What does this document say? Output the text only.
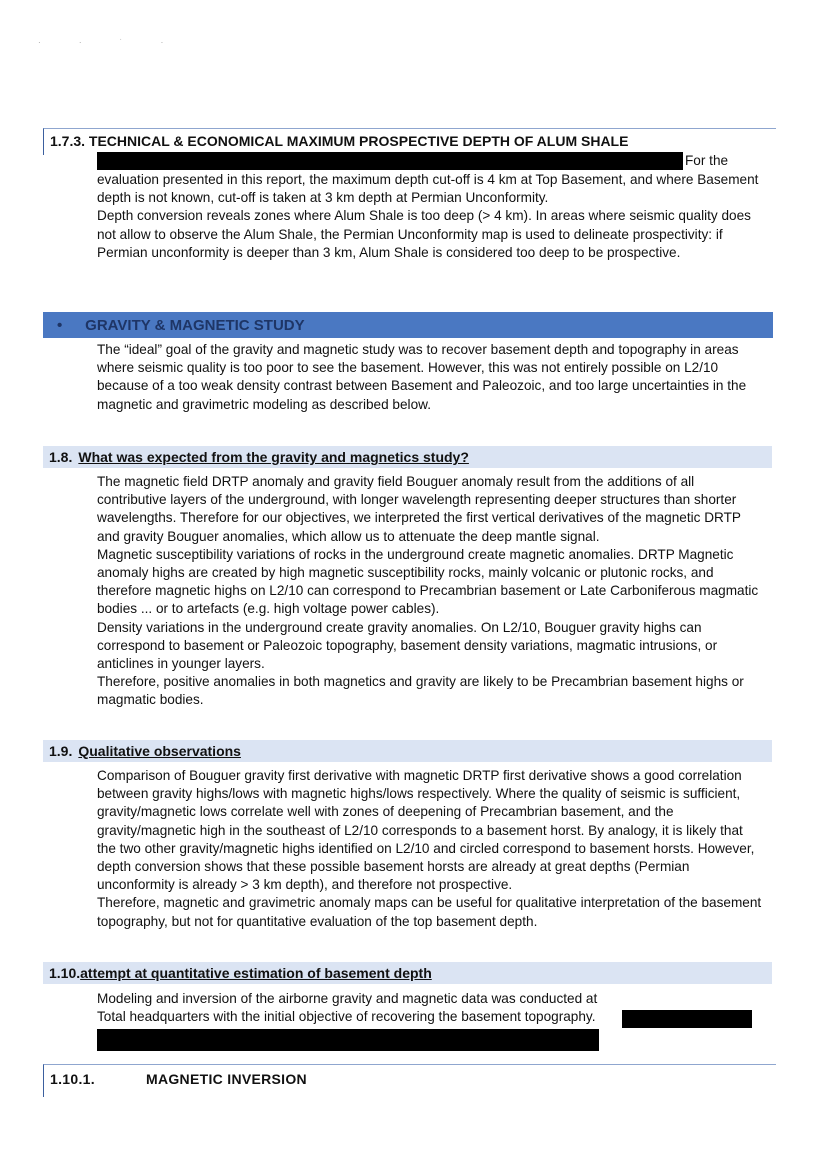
· · ˙ ·
1.7.3. TECHNICAL & ECONOMICAL MAXIMUM PROSPECTIVE DEPTH OF ALUM SHALE
For the

evaluation presented in this report, the maximum depth cut-off is 4 km at Top Basement, and where Basement depth is not known, cut-off is taken at 3 km depth at Permian Unconformity.

Depth conversion reveals zones where Alum Shale is too deep (> 4 km). In areas where seismic quality does not allow to observe the Alum Shale, the Permian Unconformity map is used to delineate prospectivity: if Permian unconformity is deeper than 3 km, Alum Shale is considered too deep to be prospective.

• GRAVITY & MAGNETIC STUDY

The “ideal” goal of the gravity and magnetic study was to recover basement depth and topography in areas where seismic quality is too poor to see the basement. However, this was not entirely possible on L2/10 because of a too weak density contrast between Basement and Paleozoic, and too large uncertainties in the magnetic and gravimetric modeling as described below.

1.8. What was expected from the gravity and magnetics study?

The magnetic field DRTP anomaly and gravity field Bouguer anomaly result from the additions of all contributive layers of the underground, with longer wavelength representing deeper structures than shorter wavelengths. Therefore for our objectives, we interpreted the first vertical derivatives of the magnetic DRTP and gravity Bouguer anomalies, which allow us to attenuate the deep mantle signal.

Magnetic susceptibility variations of rocks in the underground create magnetic anomalies. DRTP Magnetic anomaly highs are created by high magnetic susceptibility rocks, mainly volcanic or plutonic rocks, and therefore magnetic highs on L2/10 can correspond to Precambrian basement or Late Carboniferous magmatic bodies ... or to artefacts (e.g. high voltage power cables).

Density variations in the underground create gravity anomalies. On L2/10, Bouguer gravity highs can correspond to basement or Paleozoic topography, basement density variations, magmatic intrusions, or anticlines in younger layers.

Therefore, positive anomalies in both magnetics and gravity are likely to be Precambrian basement highs or magmatic bodies.

1.9. Qualitative observations

Comparison of Bouguer gravity first derivative with magnetic DRTP first derivative shows a good correlation between gravity highs/lows with magnetic highs/lows respectively. Where the quality of seismic is sufficient, gravity/magnetic lows correlate well with zones of deepening of Precambrian basement, and the gravity/magnetic high in the southeast of L2/10 corresponds to a basement horst. By analogy, it is likely that the two other gravity/magnetic highs identified on L2/10 and circled correspond to basement horsts. However, depth conversion shows that these possible basement horsts are already at great depths (Permian unconformity is already > 3 km depth), and therefore not prospective.

Therefore, magnetic and gravimetric anomaly maps can be useful for qualitative interpretation of the basement topography, but not for quantitative evaluation of the top basement depth.

1.10.attempt at quantitative estimation of basement depth

Modeling and inversion of the airborne gravity and magnetic data was conducted at Total headquarters with the initial objective of recovering the basement topography.

1.10.1.	MAGNETIC INVERSION
